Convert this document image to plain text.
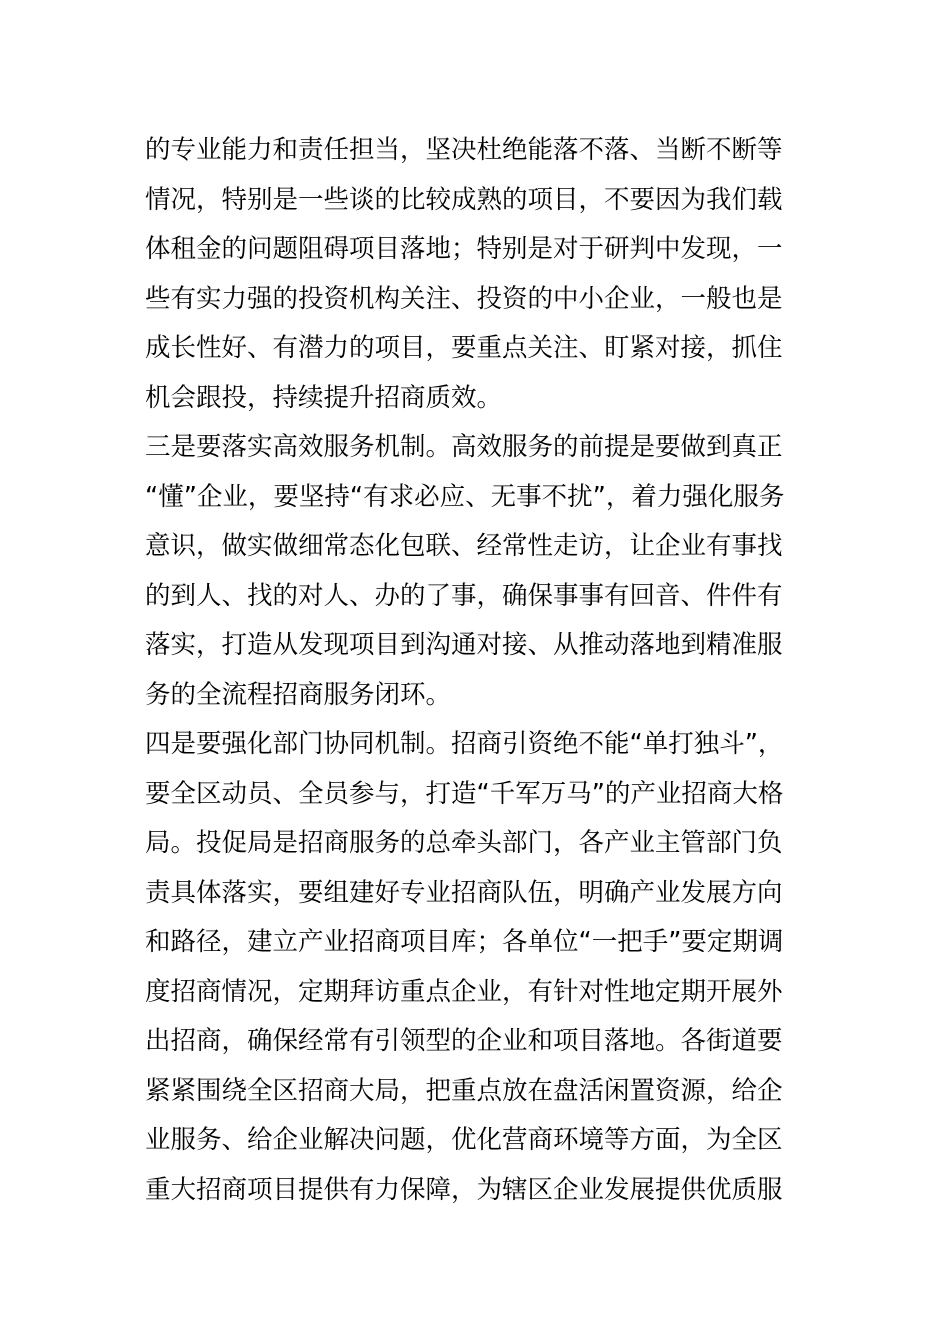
的专业能力和责任担当，坚决杜绝能落不落、当断不断等
情况，特别是一些谈的比较成熟的项目，不要因为我们载
体租金的问题阻碍项目落地；特别是对于研判中发现，一
些有实力强的投资机构关注、投资的中小企业，一般也是
成长性好、有潜力的项目，要重点关注、盯紧对接，抓住
机会跟投，持续提升招商质效。
三是要落实高效服务机制。高效服务的前提是要做到真正
“懂”企业，要坚持“有求必应、无事不扰”，着力强化服务
意识，做实做细常态化包联、经常性走访，让企业有事找
的到人、找的对人、办的了事，确保事事有回音、件件有
落实，打造从发现项目到沟通对接、从推动落地到精准服
务的全流程招商服务闭环。
四是要强化部门协同机制。招商引资绝不能“单打独斗”，
要全区动员、全员参与，打造“千军万马”的产业招商大格
局。投促局是招商服务的总牵头部门，各产业主管部门负
责具体落实，要组建好专业招商队伍，明确产业发展方向
和路径，建立产业招商项目库；各单位“一把手”要定期调
度招商情况，定期拜访重点企业，有针对性地定期开展外
出招商，确保经常有引领型的企业和项目落地。各街道要
紧紧围绕全区招商大局，把重点放在盘活闲置资源，给企
业服务、给企业解决问题，优化营商环境等方面，为全区
重大招商项目提供有力保障，为辖区企业发展提供优质服
